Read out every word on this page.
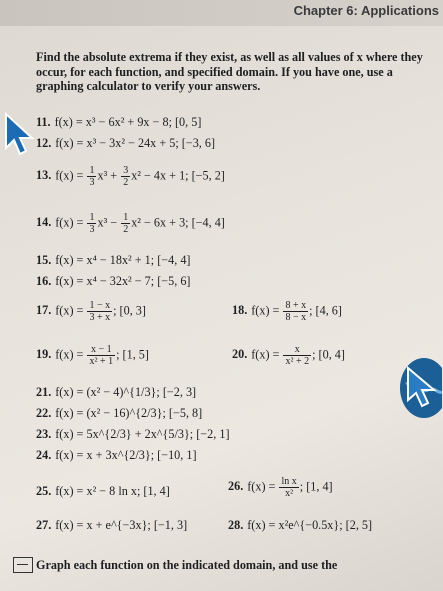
Chapter 6: Applications
Find the absolute extrema if they exist, as well as all values of x where they occur, for each function, and specified domain. If you have one, use a graphing calculator to verify your answers.
11. f(x) = x³ − 6x² + 9x − 8; [0, 5]
12. f(x) = x³ − 3x² − 24x + 5; [−3, 6]
13. $f(x) = \frac{1}{3} x^3 + \frac{3}{2} x^2 - 4x + 1$; [−5, 2]
14. $f(x) = \frac{1}{3} x^3 - \frac{1}{2} x^2 - 6x + 3$; [−4, 4]
15. f(x) = x⁴ − 18x² + 1; [−4, 4]
16. f(x) = x⁴ − 32x² − 7; [−5, 6]
17. $f(x) = \frac{1 - x}{3 + x}$ ; [0, 3]	18. $f(x) = \frac{8 + x}{8 - x}$ ; [4, 6]
19. $f(x) = \frac{x - 1}{\text{x² + 1}}$ ; [1, 5]	20. $f(x) = \frac{x}{\text{x² + 2}}$ ; [0, 4]
21. f(x) = (x² − 4)^{1/3}; [−2, 3]
22. f(x) = (x² − 16)^{2/3}; [−5, 8]
23. f(x) = 5x^{2/3} + 2x^{5/3}; [−2, 1]
24. f(x) = x + 3x^{2/3}; [−10, 1]
25. f(x) = x² − 8 ln x; [1, 4]	26. $f(x) = \frac{\text{ln x}}{\text{x²}}$ ; [1, 4]
27. f(x) = x + e^{−3x}; [−1, 3]	28. f(x) = x²e^{−0.5x}; [2, 5]
Graph each function on the indicated domain, and use the
